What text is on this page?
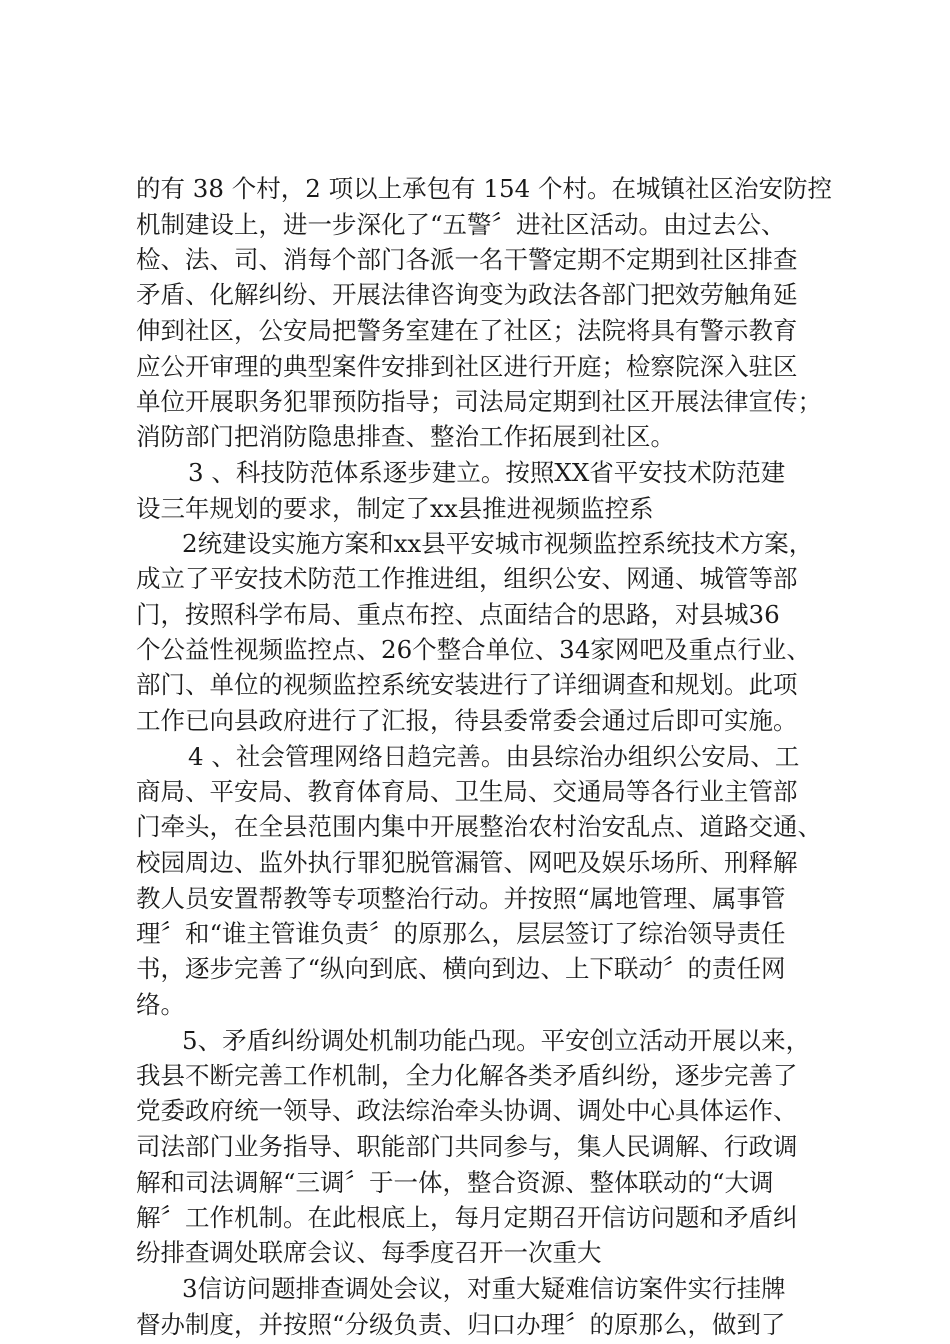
的有 38 个村，2 项以上承包有 154 个村。在城镇社区治安防控
机制建设上，进一步深化了“五警〞进社区活动。由过去公、
检、法、司、消每个部门各派一名干警定期不定期到社区排查
矛盾、化解纠纷、开展法律咨询变为政法各部门把效劳触角延
伸到社区，公安局把警务室建在了社区；法院将具有警示教育
应公开审理的典型案件安排到社区进行开庭；检察院深入驻区
单位开展职务犯罪预防指导；司法局定期到社区开展法律宣传；
消防部门把消防隐患排查、整治工作拓展到社区。
3 、科技防范体系逐步建立。按照XX省平安技术防范建
设三年规划的要求，制定了xx县推进视频监控系
2统建设实施方案和xx县平安城市视频监控系统技术方案，
成立了平安技术防范工作推进组，组织公安、网通、城管等部
门，按照科学布局、重点布控、点面结合的思路，对县城36
个公益性视频监控点、26个整合单位、34家网吧及重点行业、
部门、单位的视频监控系统安装进行了详细调查和规划。此项
工作已向县政府进行了汇报，待县委常委会通过后即可实施。
4 、社会管理网络日趋完善。由县综治办组织公安局、工
商局、平安局、教育体育局、卫生局、交通局等各行业主管部
门牵头，在全县范围内集中开展整治农村治安乱点、道路交通、
校园周边、监外执行罪犯脱管漏管、网吧及娱乐场所、刑释解
教人员安置帮教等专项整治行动。并按照“属地管理、属事管
理〞和“谁主管谁负责〞的原那么，层层签订了综治领导责任
书，逐步完善了“纵向到底、横向到边、上下联动〞的责任网
络。
5、矛盾纠纷调处机制功能凸现。平安创立活动开展以来，
我县不断完善工作机制，全力化解各类矛盾纠纷，逐步完善了
党委政府统一领导、政法综治牵头协调、调处中心具体运作、
司法部门业务指导、职能部门共同参与，集人民调解、行政调
解和司法调解“三调〞于一体，整合资源、整体联动的“大调
解〞工作机制。在此根底上，每月定期召开信访问题和矛盾纠
纷排查调处联席会议、每季度召开一次重大
3信访问题排查调处会议，对重大疑难信访案件实行挂牌
督办制度，并按照“分级负责、归口办理〞的原那么，做到了
